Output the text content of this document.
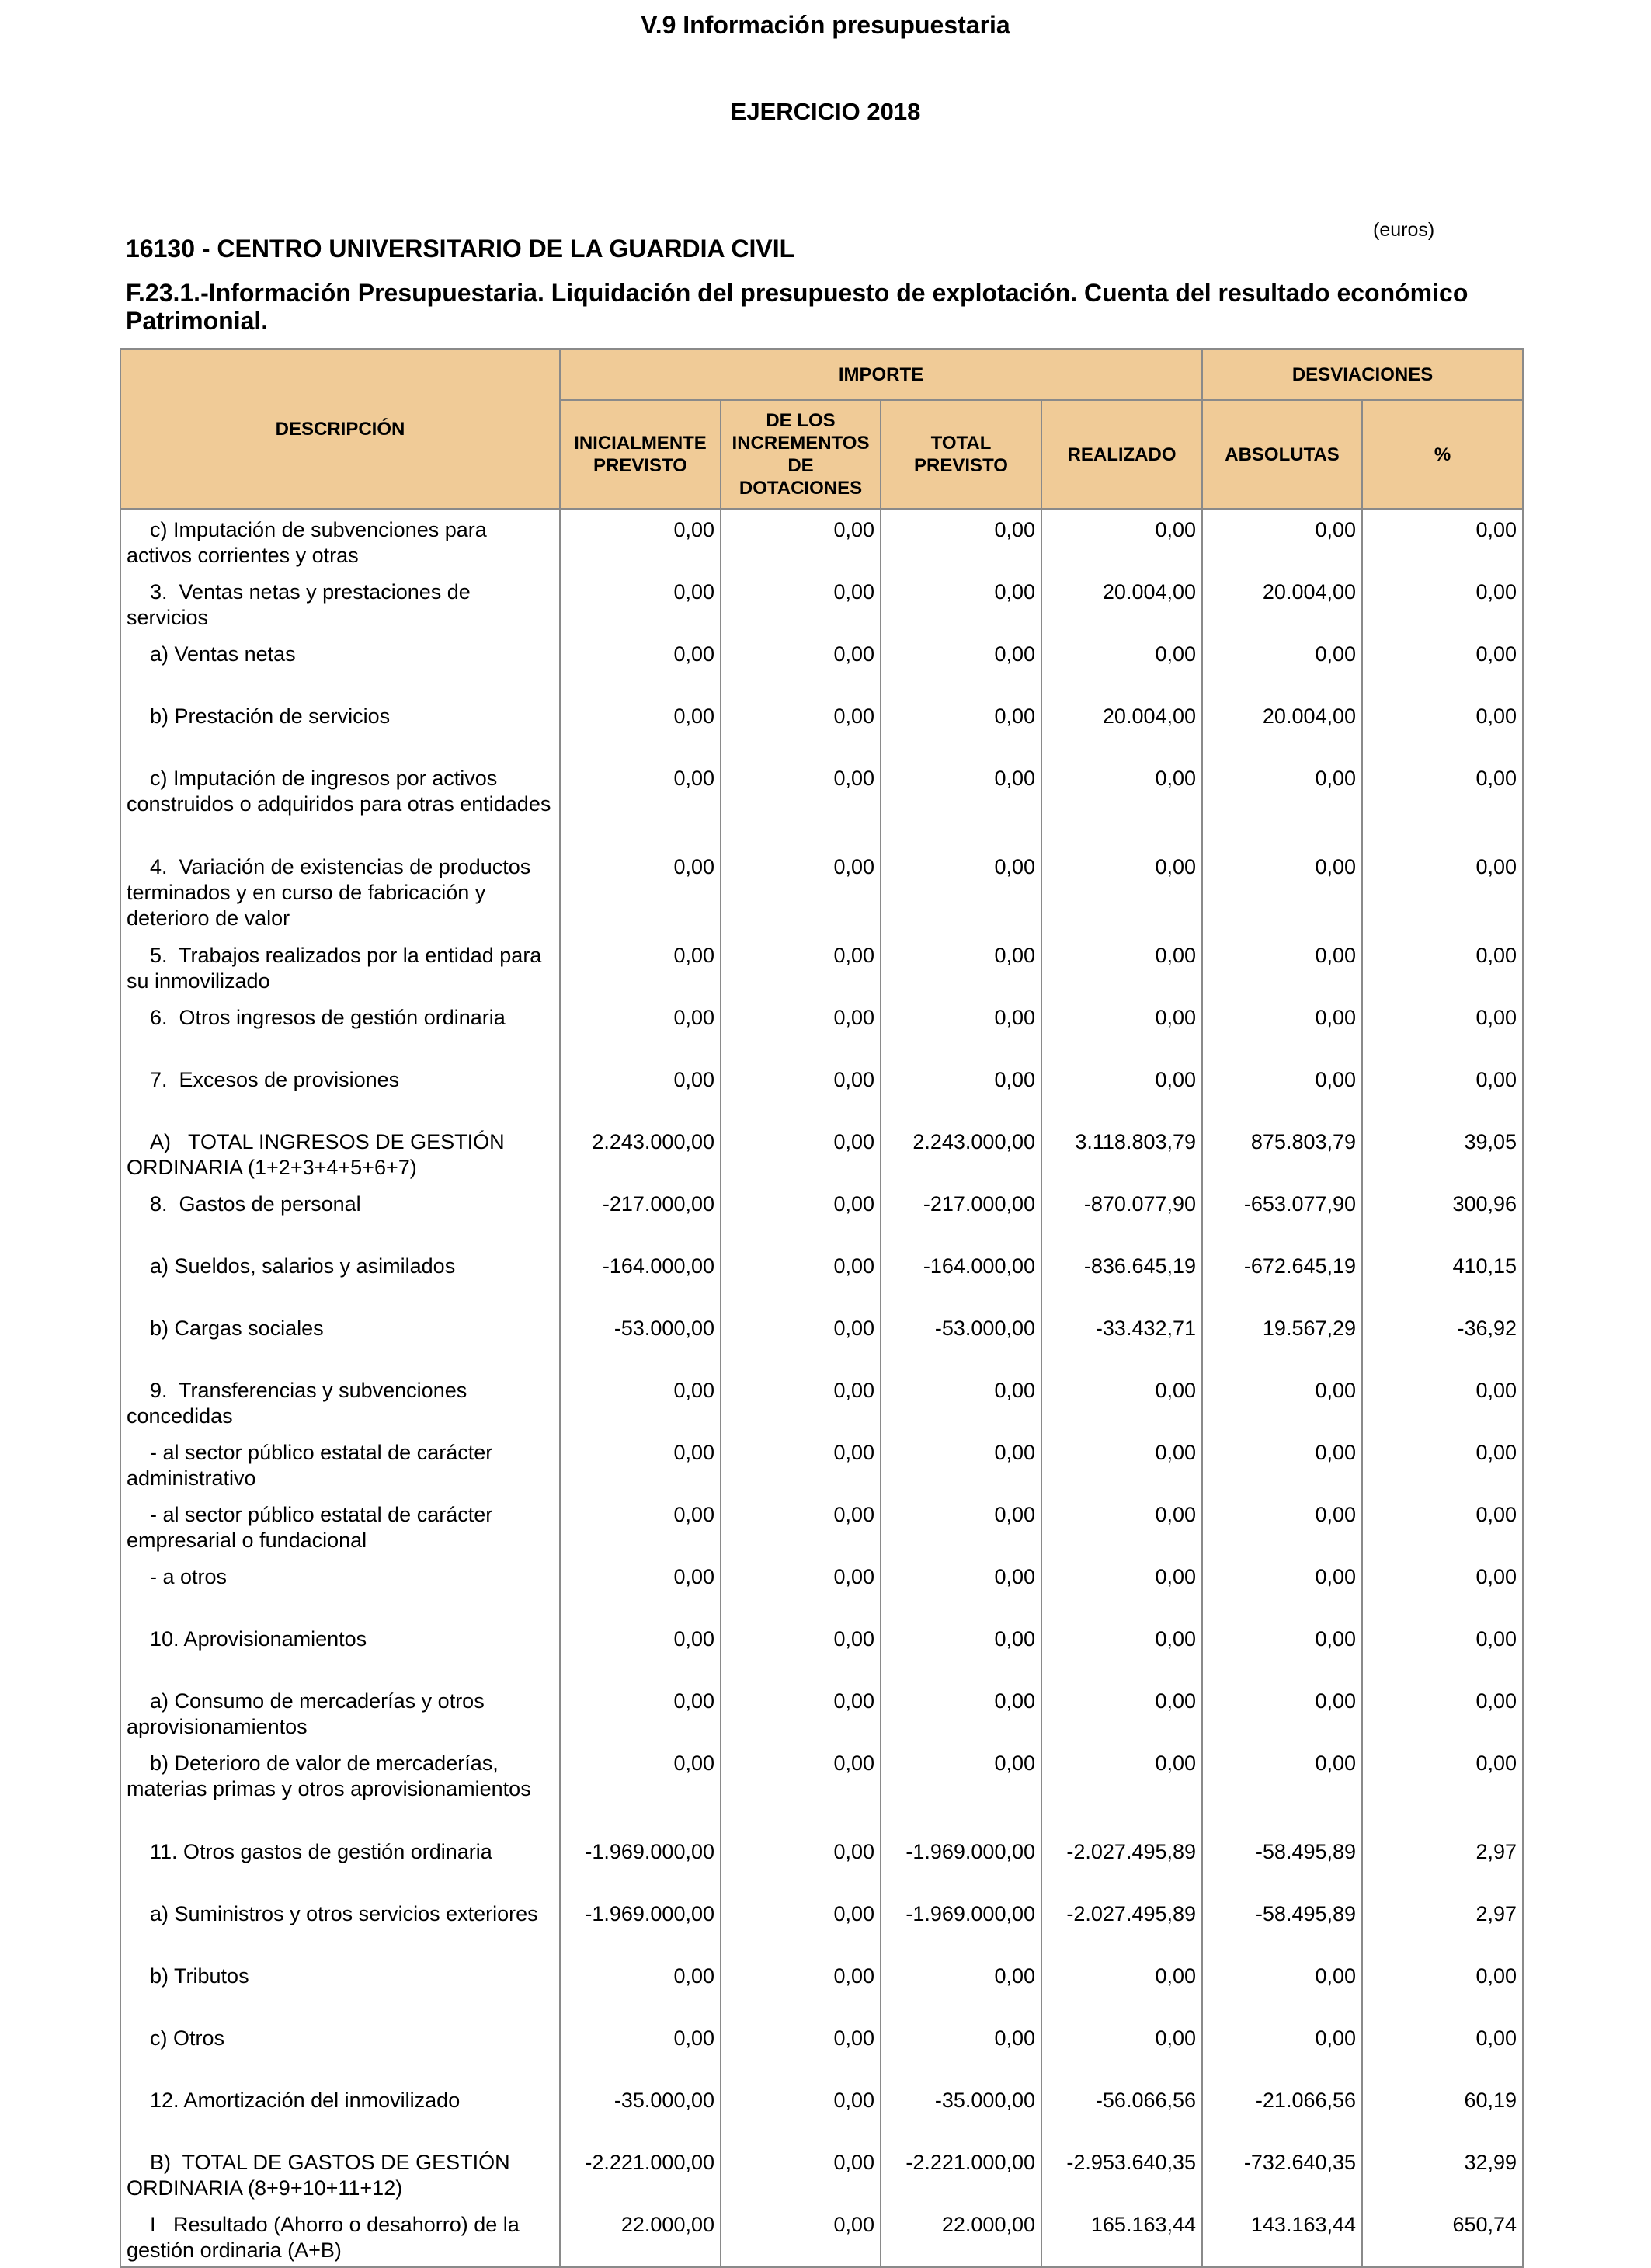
V.9 Información presupuestaria
EJERCICIO 2018
(euros)
16130 - CENTRO UNIVERSITARIO DE LA GUARDIA CIVIL
F.23.1.-Información Presupuestaria. Liquidación del presupuesto de explotación. Cuenta del resultado económico Patrimonial.
DESCRIPCIÓN	IMPORTE				DESVIACIONES	
	INICIALMENTE PREVISTO	DE LOS INCREMENTOS DE DOTACIONES	TOTAL PREVISTO	REALIZADO	ABSOLUTAS	%
c) Imputación de subvenciones para activos corrientes y otras	0,00	0,00	0,00	0,00	0,00	0,00
3.  Ventas netas y prestaciones de servicios	0,00	0,00	0,00	20.004,00	20.004,00	0,00
a) Ventas netas	0,00	0,00	0,00	0,00	0,00	0,00
b) Prestación de servicios	0,00	0,00	0,00	20.004,00	20.004,00	0,00
c) Imputación de ingresos por activos construidos o adquiridos para otras entidades	0,00	0,00	0,00	0,00	0,00	0,00
4.  Variación de existencias de productos terminados y en curso de fabricación y deterioro de valor	0,00	0,00	0,00	0,00	0,00	0,00
5.  Trabajos realizados por la entidad para su inmovilizado	0,00	0,00	0,00	0,00	0,00	0,00
6.  Otros ingresos de gestión ordinaria	0,00	0,00	0,00	0,00	0,00	0,00
7.  Excesos de provisiones	0,00	0,00	0,00	0,00	0,00	0,00
A)   TOTAL INGRESOS DE GESTIÓN ORDINARIA (1+2+3+4+5+6+7)	2.243.000,00	0,00	2.243.000,00	3.118.803,79	875.803,79	39,05
8.  Gastos de personal	-217.000,00	0,00	-217.000,00	-870.077,90	-653.077,90	300,96
a) Sueldos, salarios y asimilados	-164.000,00	0,00	-164.000,00	-836.645,19	-672.645,19	410,15
b) Cargas sociales	-53.000,00	0,00	-53.000,00	-33.432,71	19.567,29	-36,92
9.  Transferencias y subvenciones concedidas	0,00	0,00	0,00	0,00	0,00	0,00
- al sector público estatal de carácter administrativo	0,00	0,00	0,00	0,00	0,00	0,00
- al sector público estatal de carácter empresarial o fundacional	0,00	0,00	0,00	0,00	0,00	0,00
- a otros	0,00	0,00	0,00	0,00	0,00	0,00
10. Aprovisionamientos	0,00	0,00	0,00	0,00	0,00	0,00
a) Consumo de mercaderías y otros aprovisionamientos	0,00	0,00	0,00	0,00	0,00	0,00
b) Deterioro de valor de mercaderías, materias primas y otros aprovisionamientos	0,00	0,00	0,00	0,00	0,00	0,00
11. Otros gastos de gestión ordinaria	-1.969.000,00	0,00	-1.969.000,00	-2.027.495,89	-58.495,89	2,97
a) Suministros y otros servicios exteriores	-1.969.000,00	0,00	-1.969.000,00	-2.027.495,89	-58.495,89	2,97
b) Tributos	0,00	0,00	0,00	0,00	0,00	0,00
c) Otros	0,00	0,00	0,00	0,00	0,00	0,00
12. Amortización del inmovilizado	-35.000,00	0,00	-35.000,00	-56.066,56	-21.066,56	60,19
B)  TOTAL DE GASTOS DE GESTIÓN ORDINARIA (8+9+10+11+12)	-2.221.000,00	0,00	-2.221.000,00	-2.953.640,35	-732.640,35	32,99
I   Resultado (Ahorro o desahorro) de la gestión ordinaria (A+B)	22.000,00	0,00	22.000,00	165.163,44	143.163,44	650,74
